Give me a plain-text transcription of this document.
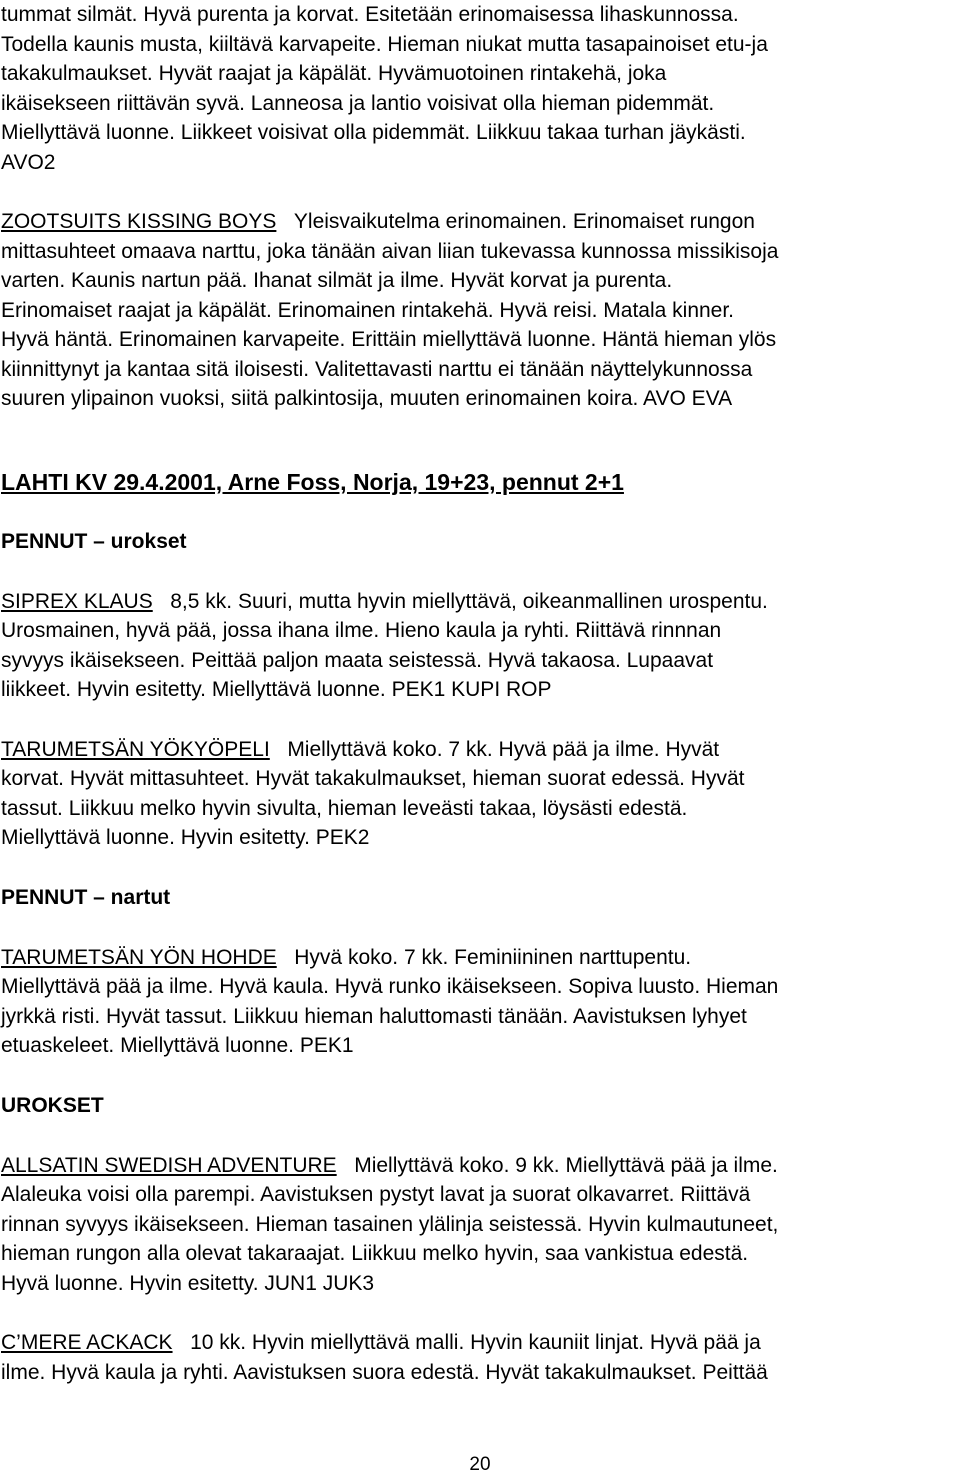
tummat silmät. Hyvä purenta ja korvat. Esitetään erinomaisessa lihaskunnossa.
Todella kaunis musta, kiiltävä karvapeite. Hieman niukat mutta tasapainoiset etu-ja
takakulmaukset. Hyvät raajat ja käpälät. Hyvämuotoinen rintakehä, joka
ikäisekseen riittävän syvä. Lanneosa ja lantio voisivat olla hieman pidemmät.
Miellyttävä luonne. Liikkeet voisivat olla pidemmät. Liikkuu takaa turhan jäykästi.
AVO2
ZOOTSUITS KISSING BOYS Yleisvaikutelma erinomainen. Erinomaiset rungon
mittasuhteet omaava narttu, joka tänään aivan liian tukevassa kunnossa missikisoja
varten. Kaunis nartun pää. Ihanat silmät ja ilme. Hyvät korvat ja purenta.
Erinomaiset raajat ja käpälät. Erinomainen rintakehä. Hyvä reisi. Matala kinner.
Hyvä häntä. Erinomainen karvapeite. Erittäin miellyttävä luonne. Häntä hieman ylös
kiinnittynyt ja kantaa sitä iloisesti. Valitettavasti narttu ei tänään näyttelykunnossa
suuren ylipainon vuoksi, siitä palkintosija, muuten erinomainen koira. AVO EVA
LAHTI KV 29.4.2001, Arne Foss, Norja, 19+23, pennut 2+1
PENNUT – urokset
SIPREX KLAUS 8,5 kk. Suuri, mutta hyvin miellyttävä, oikeanmallinen urospentu.
Urosmainen, hyvä pää, jossa ihana ilme. Hieno kaula ja ryhti. Riittävä rinnnan
syvyys ikäisekseen. Peittää paljon maata seistessä. Hyvä takaosa. Lupaavat
liikkeet. Hyvin esitetty. Miellyttävä luonne. PEK1 KUPI ROP
TARUMETSÄN YÖKYÖPELI Miellyttävä koko. 7 kk. Hyvä pää ja ilme. Hyvät
korvat. Hyvät mittasuhteet. Hyvät takakulmaukset, hieman suorat edessä. Hyvät
tassut. Liikkuu melko hyvin sivulta, hieman leveästi takaa, löysästi edestä.
Miellyttävä luonne. Hyvin esitetty. PEK2
PENNUT – nartut
TARUMETSÄN YÖN HOHDE Hyvä koko. 7 kk. Feminiininen narttupentu.
Miellyttävä pää ja ilme. Hyvä kaula. Hyvä runko ikäisekseen. Sopiva luusto. Hieman
jyrkkä risti. Hyvät tassut. Liikkuu hieman haluttomasti tänään. Aavistuksen lyhyet
etuaskeleet. Miellyttävä luonne. PEK1
UROKSET
ALLSATIN SWEDISH ADVENTURE Miellyttävä koko. 9 kk. Miellyttävä pää ja ilme.
Alaleuka voisi olla parempi. Aavistuksen pystyt lavat ja suorat olkavarret. Riittävä
rinnan syvyys ikäisekseen. Hieman tasainen ylälinja seistessä. Hyvin kulmautuneet,
hieman rungon alla olevat takaraajat. Liikkuu melko hyvin, saa vankistua edestä.
Hyvä luonne. Hyvin esitetty. JUN1 JUK3
C’MERE ACKACK 10 kk. Hyvin miellyttävä malli. Hyvin kauniit linjat. Hyvä pää ja
ilme. Hyvä kaula ja ryhti. Aavistuksen suora edestä. Hyvät takakulmaukset. Peittää
20
